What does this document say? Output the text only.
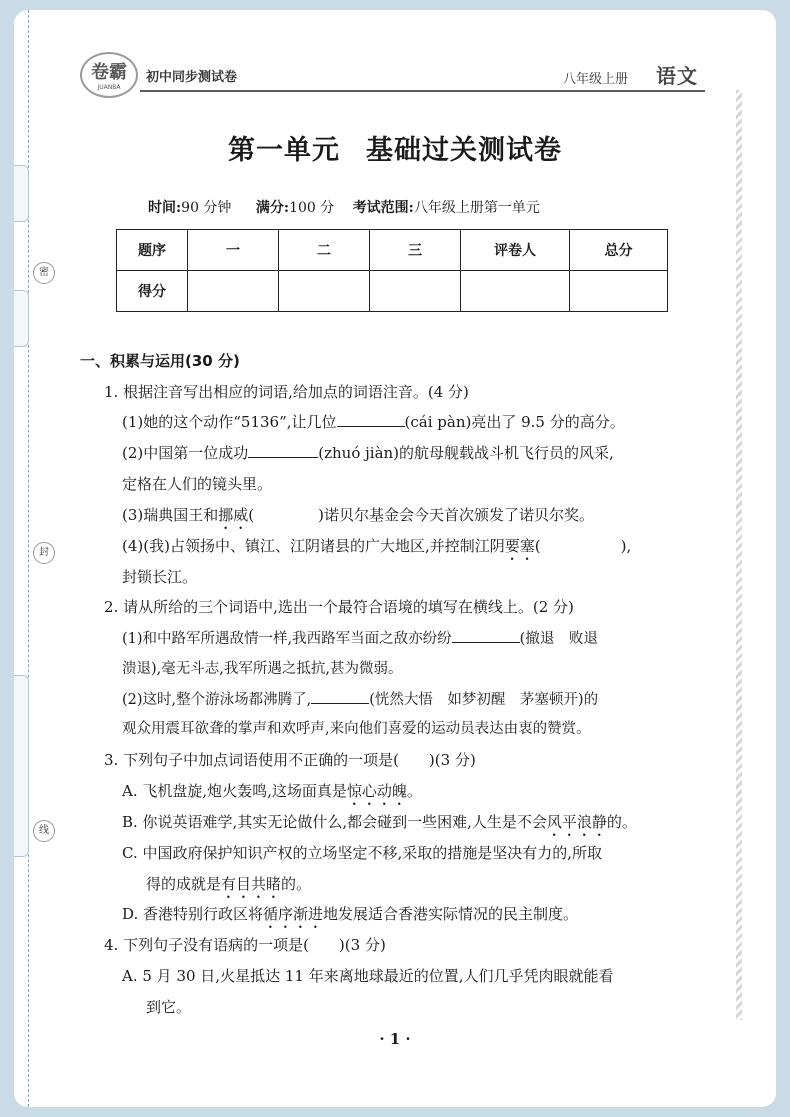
密
封
线
卷霸
JUANBA
初中同步测试卷	八年级上册 语文
第一单元 基础过关测试卷
时间:90 分钟 满分:100 分 考试范围:八年级上册第一单元
题序	一	二	三	评卷人	总分
得分					
一、积累与运用(30 分)
1. 根据注音写出相应的词语,给加点的词语注音。(4 分)
(1)她的这个动作“5136”,让几位	(cái pàn)亮出了 9.5 分的高分。
(2)中国第一位成功	(zhuó jiàn)的航母舰载战斗机飞行员的风采,
定格在人们的镜头里。
(3)瑞典国王和挪威(	)诺贝尔基金会今天首次颁发了诺贝尔奖。
(4)(我)占领扬中、镇江、江阴诸县的广大地区,并控制江阴要塞(	),
封锁长江。
2. 请从所给的三个词语中,选出一个最符合语境的填写在横线上。(2 分)
(1)和中路军所遇敌情一样,我西路军当面之敌亦纷纷	(撤退　败退
溃退),毫无斗志,我军所遇之抵抗,甚为微弱。
(2)这时,整个游泳场都沸腾了,	(恍然大悟　如梦初醒　茅塞顿开)的
观众用震耳欲聋的掌声和欢呼声,来向他们喜爱的运动员表达由衷的赞赏。
3. 下列句子中加点词语使用不正确的一项是(　　)(3 分)
A. 飞机盘旋,炮火轰鸣,这场面真是惊心动魄。
B. 你说英语难学,其实无论做什么,都会碰到一些困难,人生是不会风平浪静的。
C. 中国政府保护知识产权的立场坚定不移,采取的措施是坚决有力的,所取
得的成就是有目共睹的。
D. 香港特别行政区将循序渐进地发展适合香港实际情况的民主制度。
4. 下列句子没有语病的一项是(　　)(3 分)
A. 5 月 30 日,火星抵达 11 年来离地球最近的位置,人们几乎凭肉眼就能看
到它。
· 1 ·
